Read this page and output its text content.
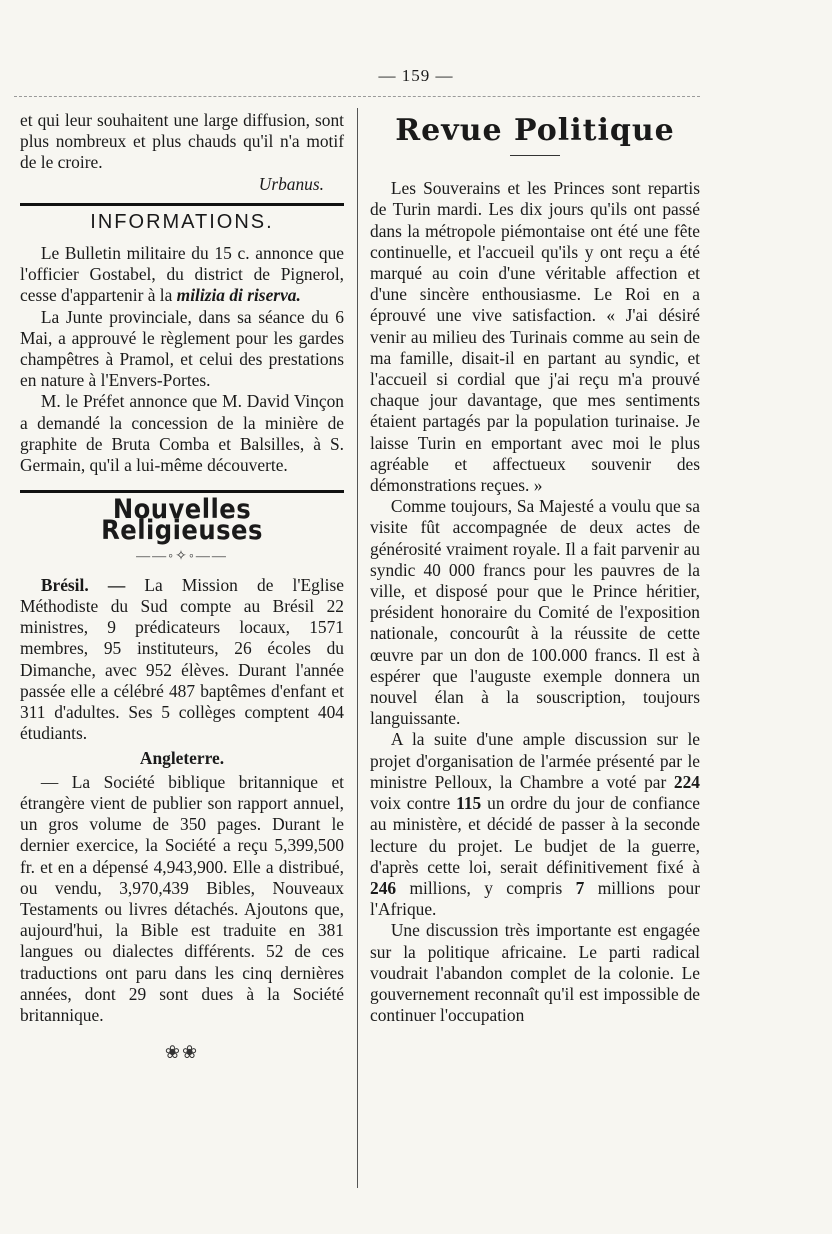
— 159 —

et qui leur souhaitent une large diffusion, sont plus nombreux et plus chauds qu'il n'a motif de le croire.

Urbanus.

INFORMATIONS.

Le Bulletin militaire du 15 c. annonce que l'officier Gostabel, du district de Pignerol, cesse d'appartenir à la milizia di riserva.

La Junte provinciale, dans sa séance du 6 Mai, a approuvé le règlement pour les gardes champêtres à Pramol, et celui des prestations en nature à l'Envers-Portes.

M. le Préfet annonce que M. David Vinçon a demandé la concession de la minière de graphite de Bruta Comba et Balsilles, à S. Germain, qu'il a lui-même découverte.

Nouvelles Religieuses
——◦✧◦——

Brésil. — La Mission de l'Eglise Méthodiste du Sud compte au Brésil 22 ministres, 9 prédicateurs locaux, 1571 membres, 95 instituteurs, 26 écoles du Dimanche, avec 952 élèves. Durant l'année passée elle a célébré 487 baptêmes d'enfant et 311 d'adultes. Ses 5 collèges comptent 404 étudiants.

Angleterre.

— La Société biblique britannique et étrangère vient de publier son rapport annuel, un gros volume de 350 pages. Durant le dernier exercice, la Société a reçu 5,399,500 fr. et en a dépensé 4,943,900. Elle a distribué, ou vendu, 3,970,439 Bibles, Nouveaux Testaments ou livres détachés. Ajoutons que, aujourd'hui, la Bible est traduite en 381 langues ou dialectes différents. 52 de ces traductions ont paru dans les cinq dernières années, dont 29 sont dues à la Société britannique.

❀❀
Revue Politique

Les Souverains et les Princes sont repartis de Turin mardi. Les dix jours qu'ils ont passé dans la métropole piémontaise ont été une fête continuelle, et l'accueil qu'ils y ont reçu a été marqué au coin d'une véritable affection et d'une sincère enthousiasme. Le Roi en a éprouvé une vive satisfaction. « J'ai désiré venir au milieu des Turinais comme au sein de ma famille, disait-il en partant au syndic, et l'accueil si cordial que j'ai reçu m'a prouvé chaque jour davantage, que mes sentiments étaient partagés par la population turinaise. Je laisse Turin en emportant avec moi le plus agréable et affectueux souvenir des démonstrations reçues. »

Comme toujours, Sa Majesté a voulu que sa visite fût accompagnée de deux actes de générosité vraiment royale. Il a fait parvenir au syndic 40 000 francs pour les pauvres de la ville, et disposé pour que le Prince héritier, président honoraire du Comité de l'exposition nationale, concourût à la réussite de cette œuvre par un don de 100.000 francs. Il est à espérer que l'auguste exemple donnera un nouvel élan à la souscription, toujours languissante.

A la suite d'une ample discussion sur le projet d'organisation de l'armée présenté par le ministre Pelloux, la Chambre a voté par 224 voix contre 115 un ordre du jour de confiance au ministère, et décidé de passer à la seconde lecture du projet. Le budjet de la guerre, d'après cette loi, serait définitivement fixé à 246 millions, y compris 7 millions pour l'Afrique.

Une discussion très importante est engagée sur la politique africaine. Le parti radical voudrait l'abandon complet de la colonie. Le gouvernement reconnaît qu'il est impossible de continuer l'occupation
